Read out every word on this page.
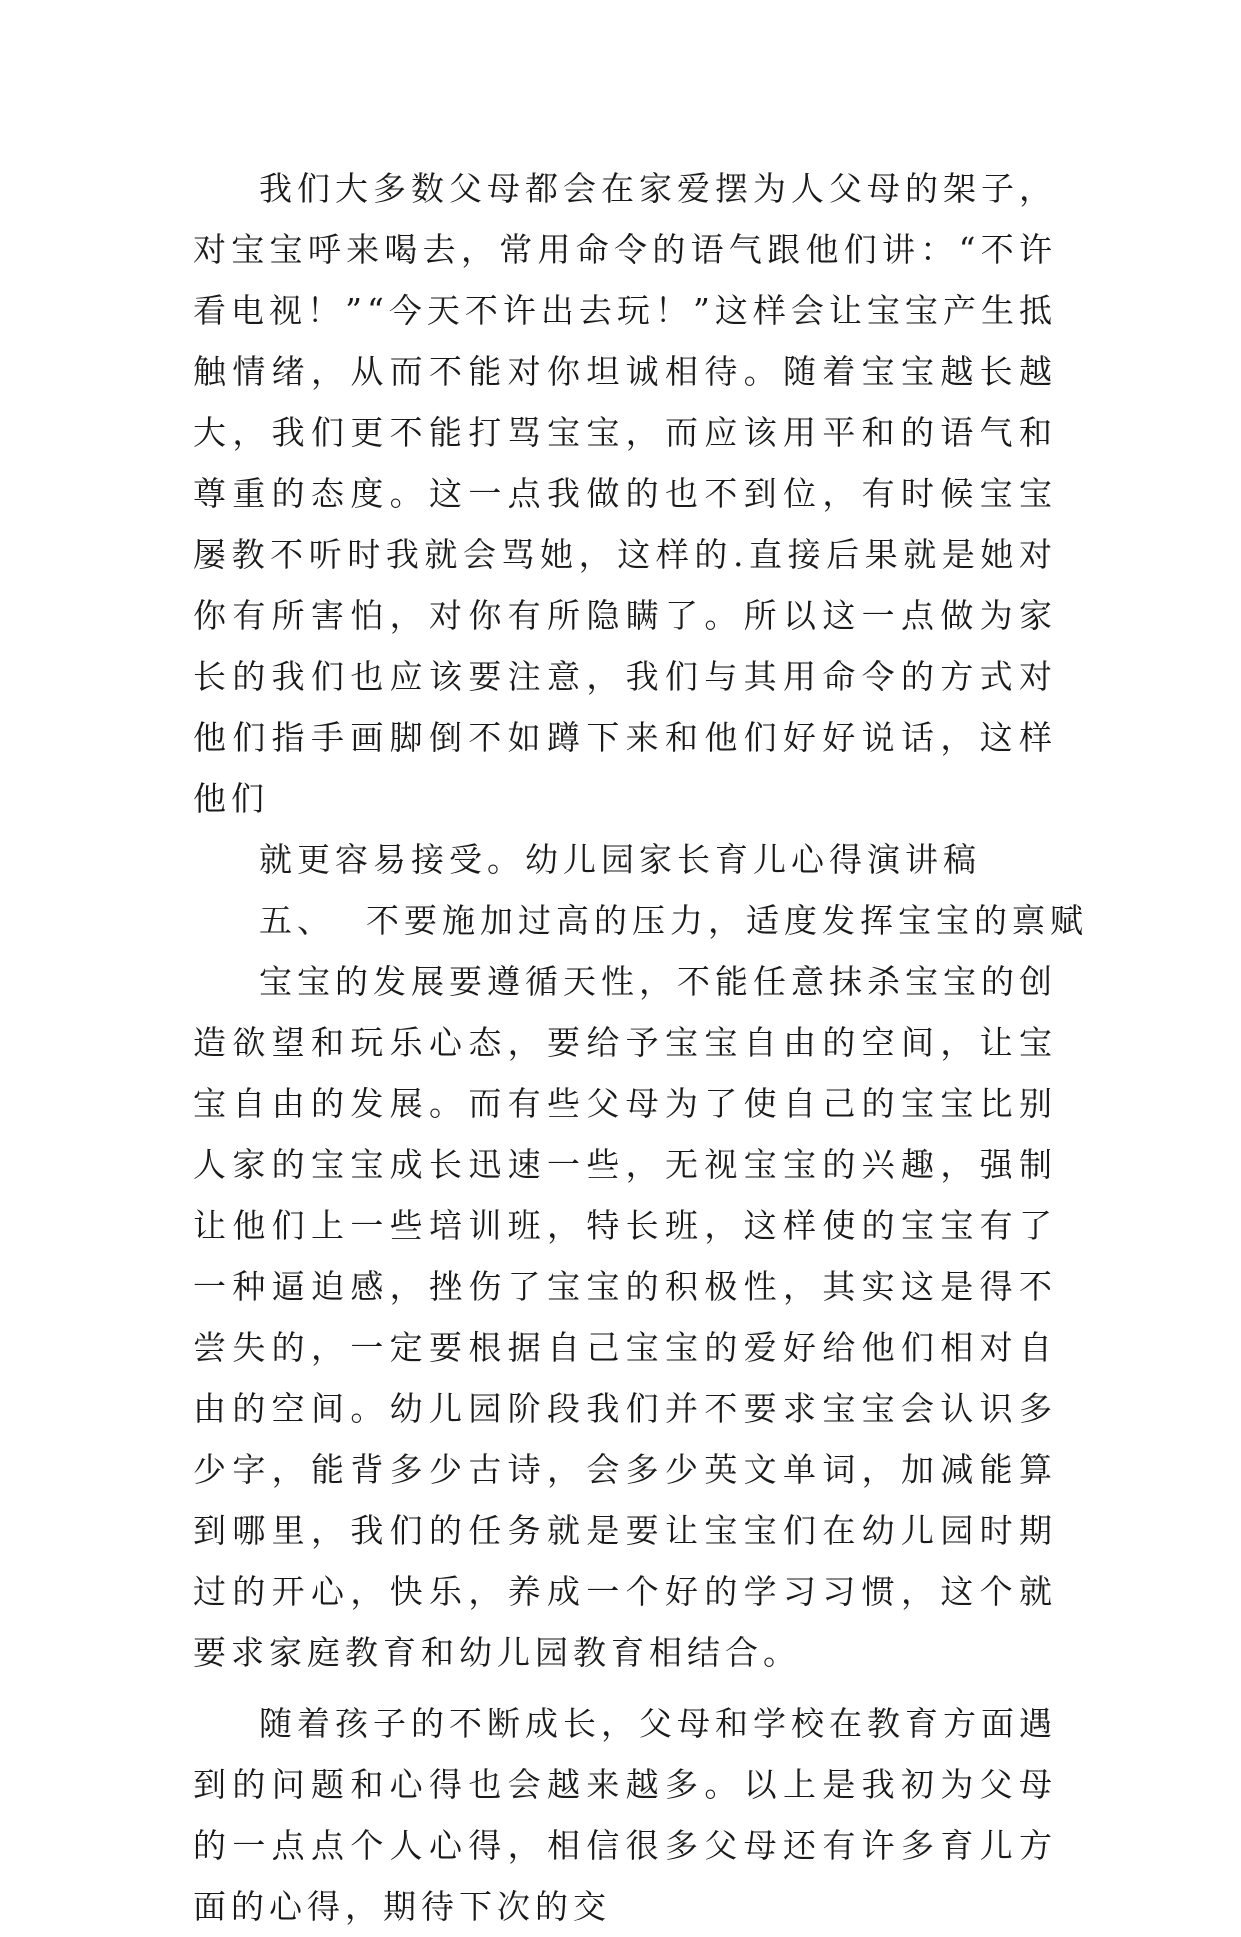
我们大多数父母都会在家爱摆为人父母的架子，对宝宝呼来喝去，常用命令的语气跟他们讲：“不许看电视！”“今天不许出去玩！”这样会让宝宝产生抵触情绪，从而不能对你坦诚相待。随着宝宝越长越大，我们更不能打骂宝宝，而应该用平和的语气和尊重的态度。这一点我做的也不到位，有时候宝宝屡教不听时我就会骂她，这样的.直接后果就是她对你有所害怕，对你有所隐瞒了。所以这一点做为家长的我们也应该要注意，我们与其用命令的方式对他们指手画脚倒不如蹲下来和他们好好说话，这样他们

就更容易接受。幼儿园家长育儿心得演讲稿

五、  不要施加过高的压力，适度发挥宝宝的禀赋

宝宝的发展要遵循天性，不能任意抹杀宝宝的创造欲望和玩乐心态，要给予宝宝自由的空间，让宝宝自由的发展。而有些父母为了使自己的宝宝比别人家的宝宝成长迅速一些，无视宝宝的兴趣，强制让他们上一些培训班，特长班，这样使的宝宝有了一种逼迫感，挫伤了宝宝的积极性，其实这是得不尝失的，一定要根据自己宝宝的爱好给他们相对自由的空间。幼儿园阶段我们并不要求宝宝会认识多少字，能背多少古诗，会多少英文单词，加减能算到哪里，我们的任务就是要让宝宝们在幼儿园时期过的开心，快乐，养成一个好的学习习惯，这个就要求家庭教育和幼儿园教育相结合。

随着孩子的不断成长，父母和学校在教育方面遇到的问题和心得也会越来越多。以上是我初为父母的一点点个人心得，相信很多父母还有许多育儿方面的心得，期待下次的交
